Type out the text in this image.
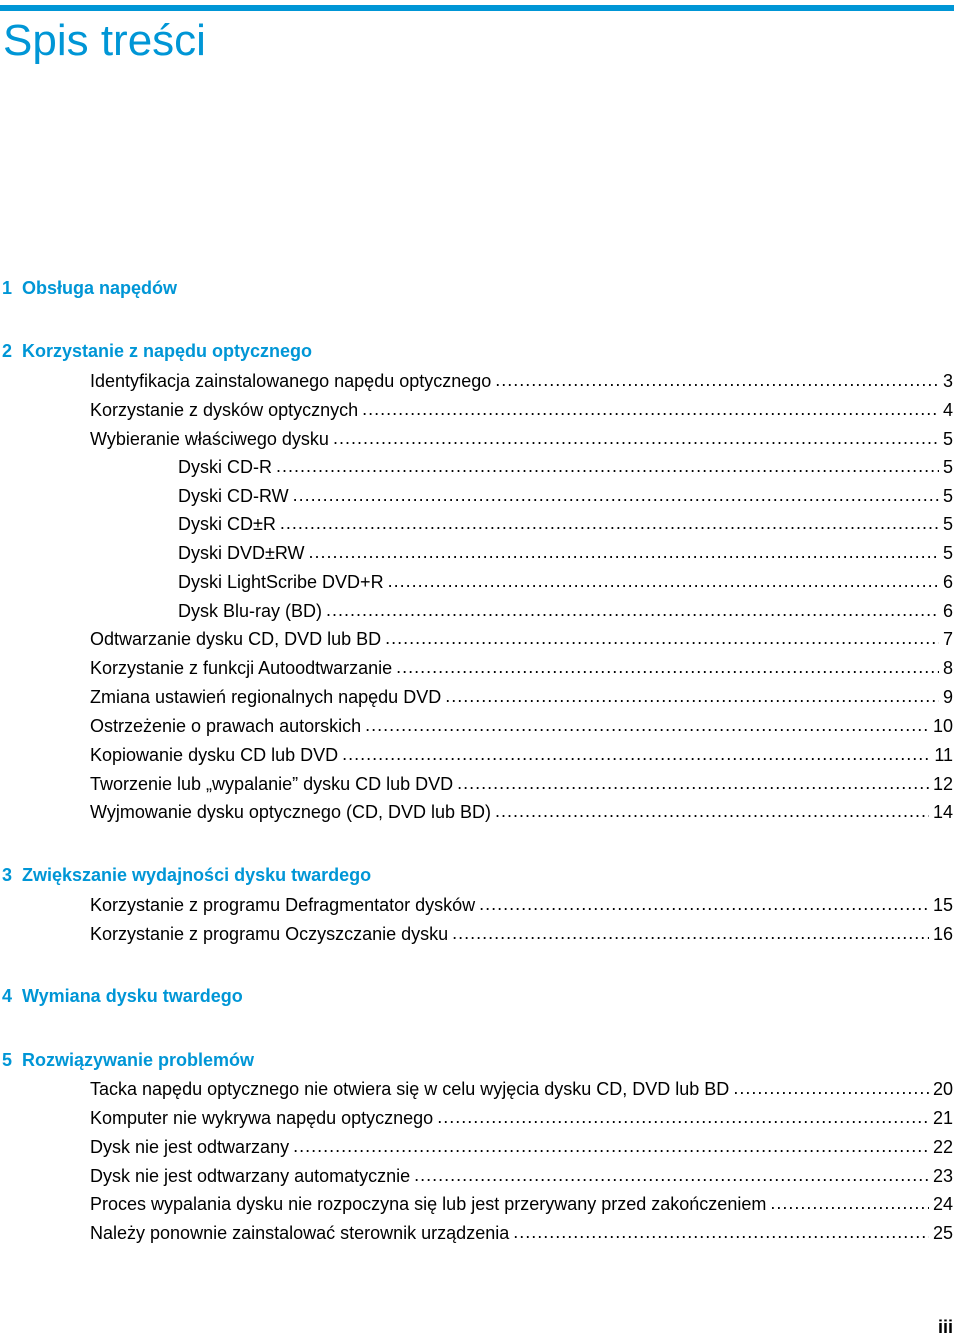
Spis treści
1 Obsługa napędów
2 Korzystanie z napędu optycznego
Identyfikacja zainstalowanego napędu optycznego .....	3
Korzystanie z dysków optycznych .....	4
Wybieranie właściwego dysku .....	5
Dyski CD-R .....	5
Dyski CD-RW .....	5
Dyski CD±R .....	5
Dyski DVD±RW .....	5
Dyski LightScribe DVD+R .....	6
Dysk Blu-ray (BD) .....	6
Odtwarzanie dysku CD, DVD lub BD .....	7
Korzystanie z funkcji Autoodtwarzanie .....	8
Zmiana ustawień regionalnych napędu DVD .....	9
Ostrzeżenie o prawach autorskich .....	10
Kopiowanie dysku CD lub DVD .....	11
Tworzenie lub „wypalanie” dysku CD lub DVD .....	12
Wyjmowanie dysku optycznego (CD, DVD lub BD) .....	14
3 Zwiększanie wydajności dysku twardego
Korzystanie z programu Defragmentator dysków .....	15
Korzystanie z programu Oczyszczanie dysku .....	16
4 Wymiana dysku twardego
5 Rozwiązywanie problemów
Tacka napędu optycznego nie otwiera się w celu wyjęcia dysku CD, DVD lub BD .....	20
Komputer nie wykrywa napędu optycznego .....	21
Dysk nie jest odtwarzany .....	22
Dysk nie jest odtwarzany automatycznie .....	23
Proces wypalania dysku nie rozpoczyna się lub jest przerywany przed zakończeniem .....	24
Należy ponownie zainstalować sterownik urządzenia .....	25
iii
